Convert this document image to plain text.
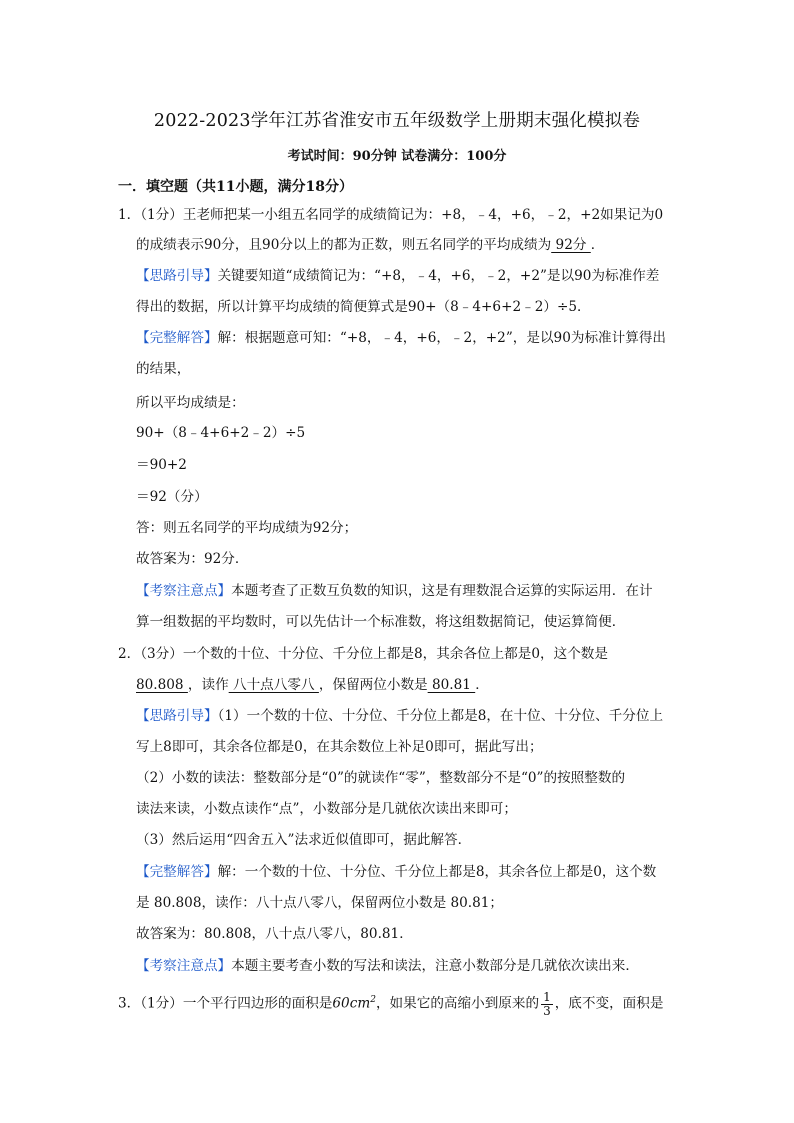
2022-2023学年江苏省淮安市五年级数学上册期末强化模拟卷
考试时间：90分钟 试卷满分：100分
一．填空题（共11小题，满分18分）
1．（1分）王老师把某一小组五名同学的成绩简记为：+8，﹣4，+6，﹣2，+2如果记为0
的成绩表示90分，且90分以上的都为正数，则五名同学的平均成绩为 92分 ．
【思路引导】关键要知道“成绩简记为：“+8，﹣4，+6，﹣2，+2”是以90为标准作差
得出的数据，所以计算平均成绩的简便算式是90+（8﹣4+6+2﹣2）÷5．
【完整解答】解：根据题意可知：“+8，﹣4，+6，﹣2，+2”，是以90为标准计算得出
的结果，
所以平均成绩是：
90+（8﹣4+6+2﹣2）÷5
＝90+2
＝92（分）
答：则五名同学的平均成绩为92分；
故答案为：92分．
【考察注意点】本题考查了正数互负数的知识，这是有理数混合运算的实际运用．在计
算一组数据的平均数时，可以先估计一个标准数，将这组数据简记，使运算简便．
2．（3分）一个数的十位、十分位、千分位上都是8，其余各位上都是0，这个数是
80.808 ，读作 八十点八零八 ，保留两位小数是 80.81 ．
【思路引导】（1）一个数的十位、十分位、千分位上都是8，在十位、十分位、千分位上
写上8即可，其余各位都是0，在其余数位上补足0即可，据此写出；
（2）小数的读法：整数部分是“0”的就读作“零”，整数部分不是“0”的按照整数的
读法来读，小数点读作“点”，小数部分是几就依次读出来即可；
（3）然后运用“四舍五入”法求近似值即可，据此解答．
【完整解答】解：一个数的十位、十分位、千分位上都是8，其余各位上都是0，这个数
是 80.808，读作：八十点八零八，保留两位小数是 80.81；
故答案为：80.808，八十点八零八，80.81．
【考察注意点】本题主要考查小数的写法和读法，注意小数部分是几就依次读出来．
3．（1分）一个平行四边形的面积是$60cm^2$，如果它的高缩小到原来的 $\frac{1}{3}$ ，底不变，面积是
